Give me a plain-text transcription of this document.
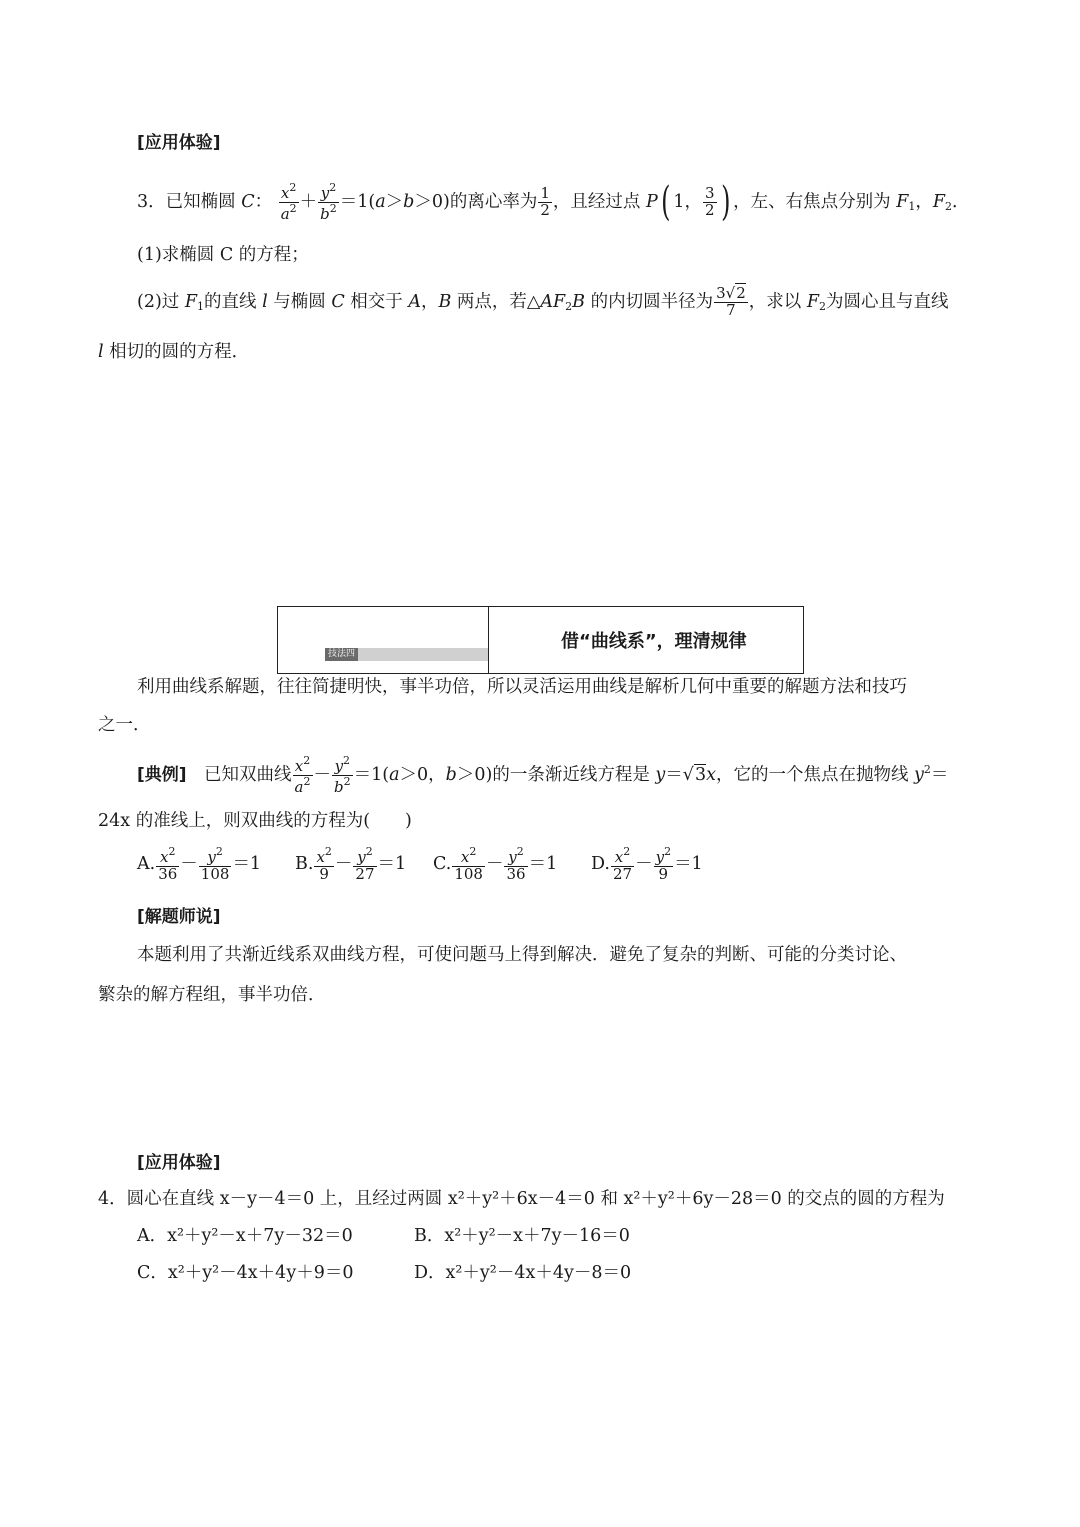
[应用体验]
3．已知椭圆 C： $\frac{x^2}{a^2} + \frac{y^2}{b^2} =1(a>b>0)$的离心率为 $\frac{1}{2}$ ，且经过点 P( 1， $\frac{3}{2}$ ) ，左、右焦点分别为 $F_1$，$F_2$．
(1)求椭圆 C 的方程；
(2)过 $F_1$的直线 l 与椭圆 C 相交于 A，B 两点，若$\triangle AF_2B$ 的内切圆半径为 $\frac{3√2}{7}$ ，求以 $F_2$为圆心且与直线
l 相切的圆的方程．
技法四
借“曲线系”，理清规律
利用曲线系解题，往往简捷明快，事半功倍，所以灵活运用曲线是解析几何中重要的解题方法和技巧
之一．
[典例]　 已知双曲线 $\frac{x^2}{a^2} - \frac{y^2}{b^2} =1(a>0$，b＞0)的一条渐近线方程是 y＝√3x，它的一个焦点在抛物线 $y^2=$
24x 的准线上，则双曲线的方程为(　　)
A. $\frac{x^2}{36} - \frac{y^2}{108} =1$ B. $\frac{x^2}{9} - \frac{y^2}{27} =1$ C. $\frac{x^2}{108} - \frac{y^2}{36} =1$ D. $\frac{x^2}{27} - \frac{y^2}{9} =1$
[解题师说]
本题利用了共渐近线系双曲线方程，可使问题马上得到解决．避免了复杂的判断、可能的分类讨论、
繁杂的解方程组，事半功倍．
[应用体验]
4．圆心在直线 x－y－4＝0 上，且经过两圆 x²＋y²＋6x－4＝0 和 x²＋y²＋6y－28＝0 的交点的圆的方程为
A．x²＋y²－x＋7y－32＝0	B．x²＋y²－x＋7y－16＝0
C．x²＋y²－4x＋4y＋9＝0	D．x²＋y²－4x＋4y－8＝0
